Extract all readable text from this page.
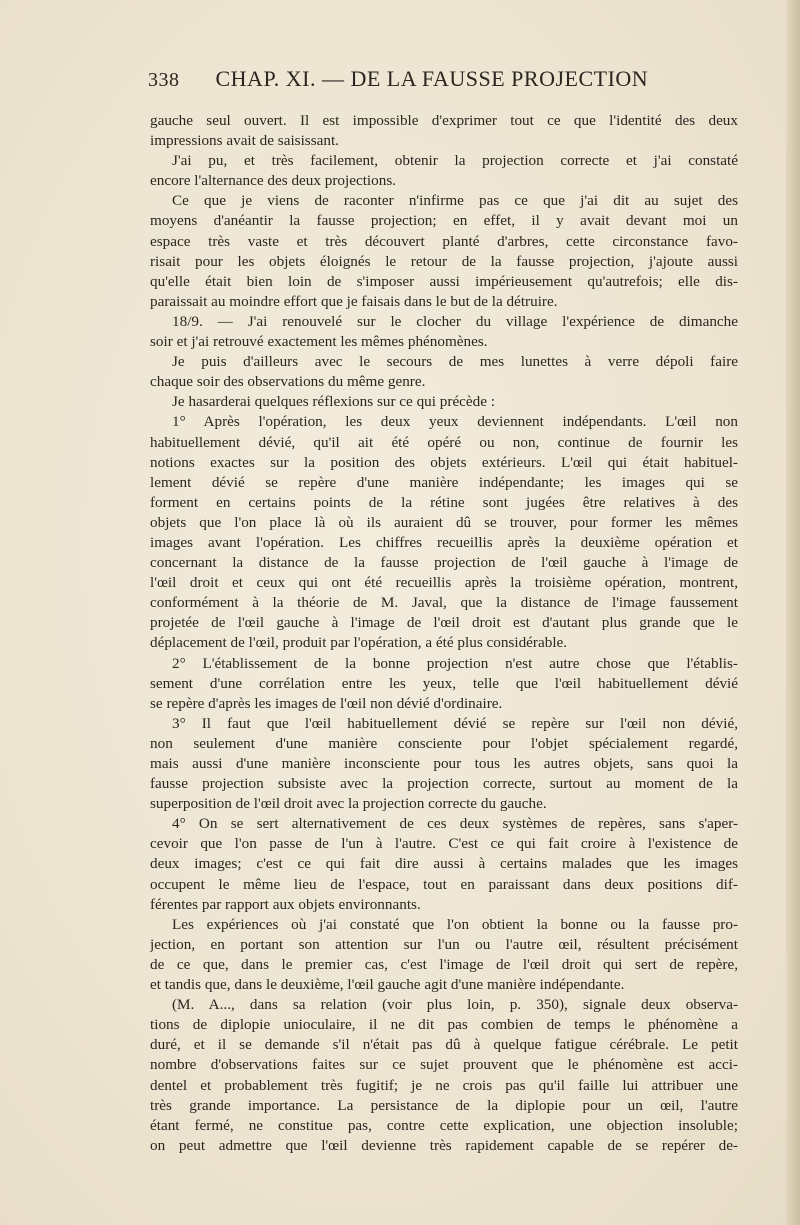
338 CHAP. XI. — DE LA FAUSSE PROJECTION
gauche seul ouvert. Il est impossible d'exprimer tout ce que l'identité des deux
impressions avait de saisissant.
J'ai pu, et très facilement, obtenir la projection correcte et j'ai constaté
encore l'alternance des deux projections.
Ce que je viens de raconter n'infirme pas ce que j'ai dit au sujet des
moyens d'anéantir la fausse projection; en effet, il y avait devant moi un
espace très vaste et très découvert planté d'arbres, cette circonstance favo-
risait pour les objets éloignés le retour de la fausse projection, j'ajoute aussi
qu'elle était bien loin de s'imposer aussi impérieusement qu'autrefois; elle dis-
paraissait au moindre effort que je faisais dans le but de la détruire.
18/9. — J'ai renouvelé sur le clocher du village l'expérience de dimanche
soir et j'ai retrouvé exactement les mêmes phénomènes.
Je puis d'ailleurs avec le secours de mes lunettes à verre dépoli faire
chaque soir des observations du même genre.
Je hasarderai quelques réflexions sur ce qui précède :
1° Après l'opération, les deux yeux deviennent indépendants. L'œil non
habituellement dévié, qu'il ait été opéré ou non, continue de fournir les
notions exactes sur la position des objets extérieurs. L'œil qui était habituel-
lement dévié se repère d'une manière indépendante; les images qui se
forment en certains points de la rétine sont jugées être relatives à des
objets que l'on place là où ils auraient dû se trouver, pour former les mêmes
images avant l'opération. Les chiffres recueillis après la deuxième opération et
concernant la distance de la fausse projection de l'œil gauche à l'image de
l'œil droit et ceux qui ont été recueillis après la troisième opération, montrent,
conformément à la théorie de M. Javal, que la distance de l'image faussement
projetée de l'œil gauche à l'image de l'œil droit est d'autant plus grande que le
déplacement de l'œil, produit par l'opération, a été plus considérable.
2° L'établissement de la bonne projection n'est autre chose que l'établis-
sement d'une corrélation entre les yeux, telle que l'œil habituellement dévié
se repère d'après les images de l'œil non dévié d'ordinaire.
3° Il faut que l'œil habituellement dévié se repère sur l'œil non dévié,
non seulement d'une manière consciente pour l'objet spécialement regardé,
mais aussi d'une manière inconsciente pour tous les autres objets, sans quoi la
fausse projection subsiste avec la projection correcte, surtout au moment de la
superposition de l'œil droit avec la projection correcte du gauche.
4° On se sert alternativement de ces deux systèmes de repères, sans s'aper-
cevoir que l'on passe de l'un à l'autre. C'est ce qui fait croire à l'existence de
deux images; c'est ce qui fait dire aussi à certains malades que les images
occupent le même lieu de l'espace, tout en paraissant dans deux positions dif-
férentes par rapport aux objets environnants.
Les expériences où j'ai constaté que l'on obtient la bonne ou la fausse pro-
jection, en portant son attention sur l'un ou l'autre œil, résultent précisément
de ce que, dans le premier cas, c'est l'image de l'œil droit qui sert de repère,
et tandis que, dans le deuxième, l'œil gauche agit d'une manière indépendante.
(M. A..., dans sa relation (voir plus loin, p. 350), signale deux observa-
tions de diplopie unioculaire, il ne dit pas combien de temps le phénomène a
duré, et il se demande s'il n'était pas dû à quelque fatigue cérébrale. Le petit
nombre d'observations faites sur ce sujet prouvent que le phénomène est acci-
dentel et probablement très fugitif; je ne crois pas qu'il faille lui attribuer une
très grande importance. La persistance de la diplopie pour un œil, l'autre
étant fermé, ne constitue pas, contre cette explication, une objection insoluble;
on peut admettre que l'œil devienne très rapidement capable de se repérer de-
